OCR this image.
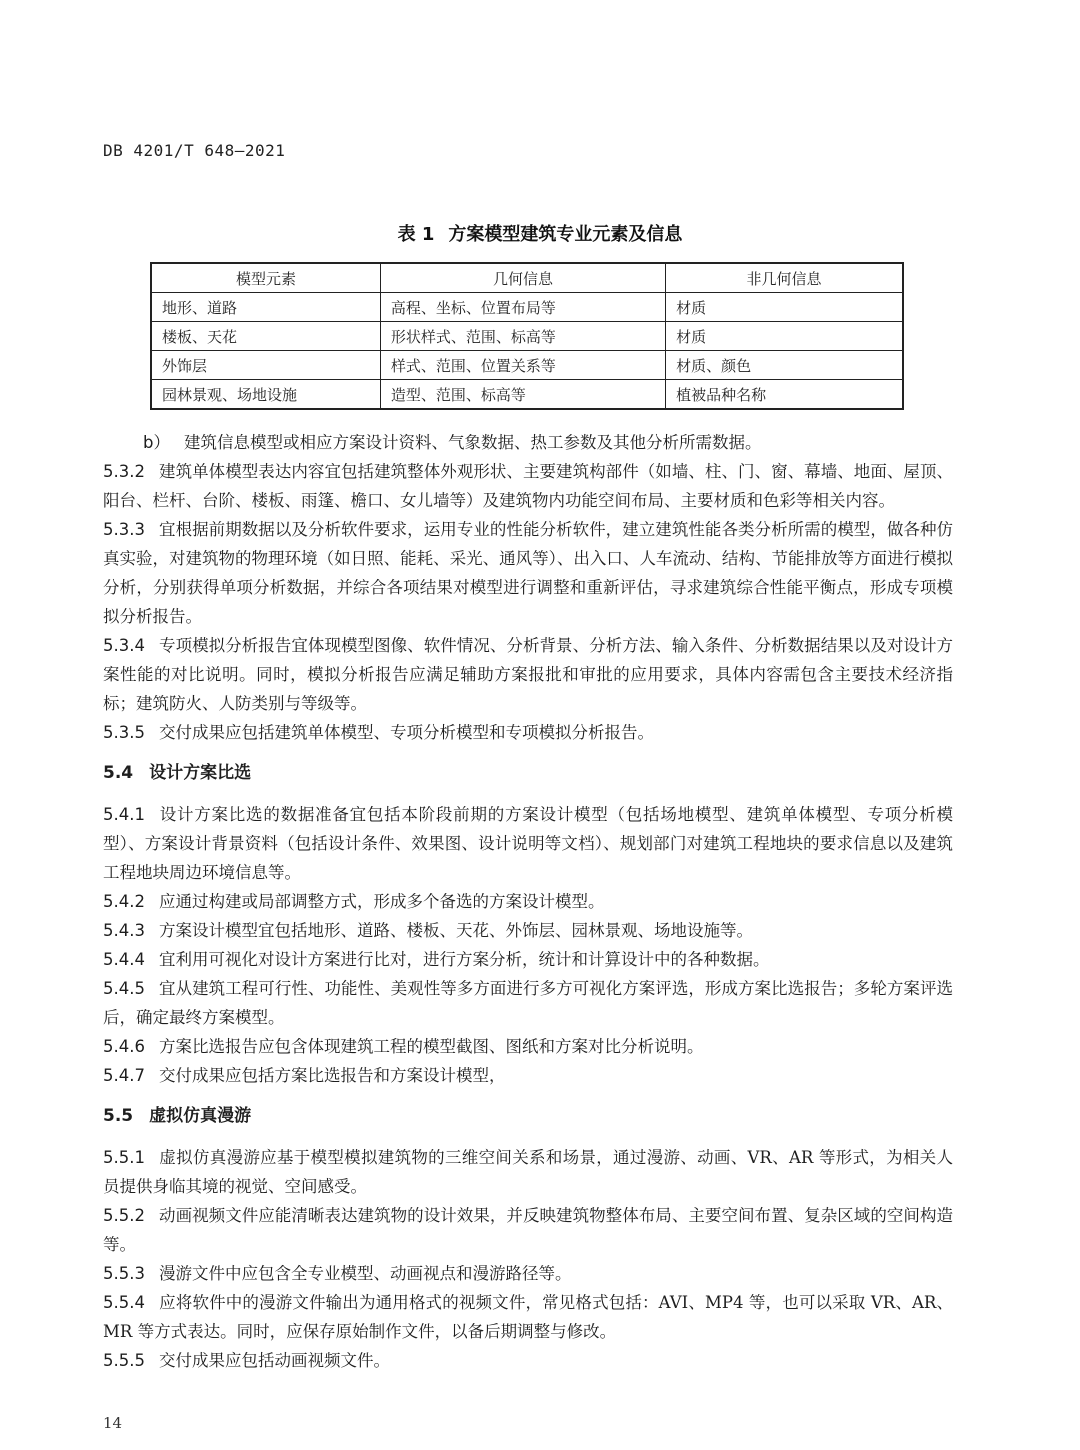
DB 4201/T 648—2021
表 1 方案模型建筑专业元素及信息
模型元素	几何信息	非几何信息
地形、道路	高程、坐标、位置布局等	材质
楼板、天花	形状样式、范围、标高等	材质
外饰层	样式、范围、位置关系等	材质、颜色
园林景观、场地设施	造型、范围、标高等	植被品种名称

b） 建筑信息模型或相应方案设计资料、气象数据、热工参数及其他分析所需数据。

5.3.2 建筑单体模型表达内容宜包括建筑整体外观形状、主要建筑构部件（如墙、柱、门、窗、幕墙、地面、屋顶、阳台、栏杆、台阶、楼板、雨篷、檐口、女儿墙等）及建筑物内功能空间布局、主要材质和色彩等相关内容。

5.3.3 宜根据前期数据以及分析软件要求，运用专业的性能分析软件，建立建筑性能各类分析所需的模型，做各种仿真实验，对建筑物的物理环境（如日照、能耗、采光、通风等）、出入口、人车流动、结构、节能排放等方面进行模拟分析，分别获得单项分析数据，并综合各项结果对模型进行调整和重新评估，寻求建筑综合性能平衡点，形成专项模拟分析报告。

5.3.4 专项模拟分析报告宜体现模型图像、软件情况、分析背景、分析方法、输入条件、分析数据结果以及对设计方案性能的对比说明。同时，模拟分析报告应满足辅助方案报批和审批的应用要求，具体内容需包含主要技术经济指标；建筑防火、人防类别与等级等。

5.3.5 交付成果应包括建筑单体模型、专项分析模型和专项模拟分析报告。

5.4 设计方案比选

5.4.1 设计方案比选的数据准备宜包括本阶段前期的方案设计模型（包括场地模型、建筑单体模型、专项分析模型）、方案设计背景资料（包括设计条件、效果图、设计说明等文档）、规划部门对建筑工程地块的要求信息以及建筑工程地块周边环境信息等。

5.4.2 应通过构建或局部调整方式，形成多个备选的方案设计模型。

5.4.3 方案设计模型宜包括地形、道路、楼板、天花、外饰层、园林景观、场地设施等。

5.4.4 宜利用可视化对设计方案进行比对，进行方案分析，统计和计算设计中的各种数据。

5.4.5 宜从建筑工程可行性、功能性、美观性等多方面进行多方可视化方案评选，形成方案比选报告；多轮方案评选后，确定最终方案模型。

5.4.6 方案比选报告应包含体现建筑工程的模型截图、图纸和方案对比分析说明。

5.4.7 交付成果应包括方案比选报告和方案设计模型，

5.5 虚拟仿真漫游

5.5.1 虚拟仿真漫游应基于模型模拟建筑物的三维空间关系和场景，通过漫游、动画、VR、AR 等形式，为相关人员提供身临其境的视觉、空间感受。

5.5.2 动画视频文件应能清晰表达建筑物的设计效果，并反映建筑物整体布局、主要空间布置、复杂区域的空间构造等。

5.5.3 漫游文件中应包含全专业模型、动画视点和漫游路径等。

5.5.4 应将软件中的漫游文件输出为通用格式的视频文件，常见格式包括：AVI、MP4 等，也可以采取 VR、AR、MR 等方式表达。同时，应保存原始制作文件，以备后期调整与修改。

5.5.5 交付成果应包括动画视频文件。

14
